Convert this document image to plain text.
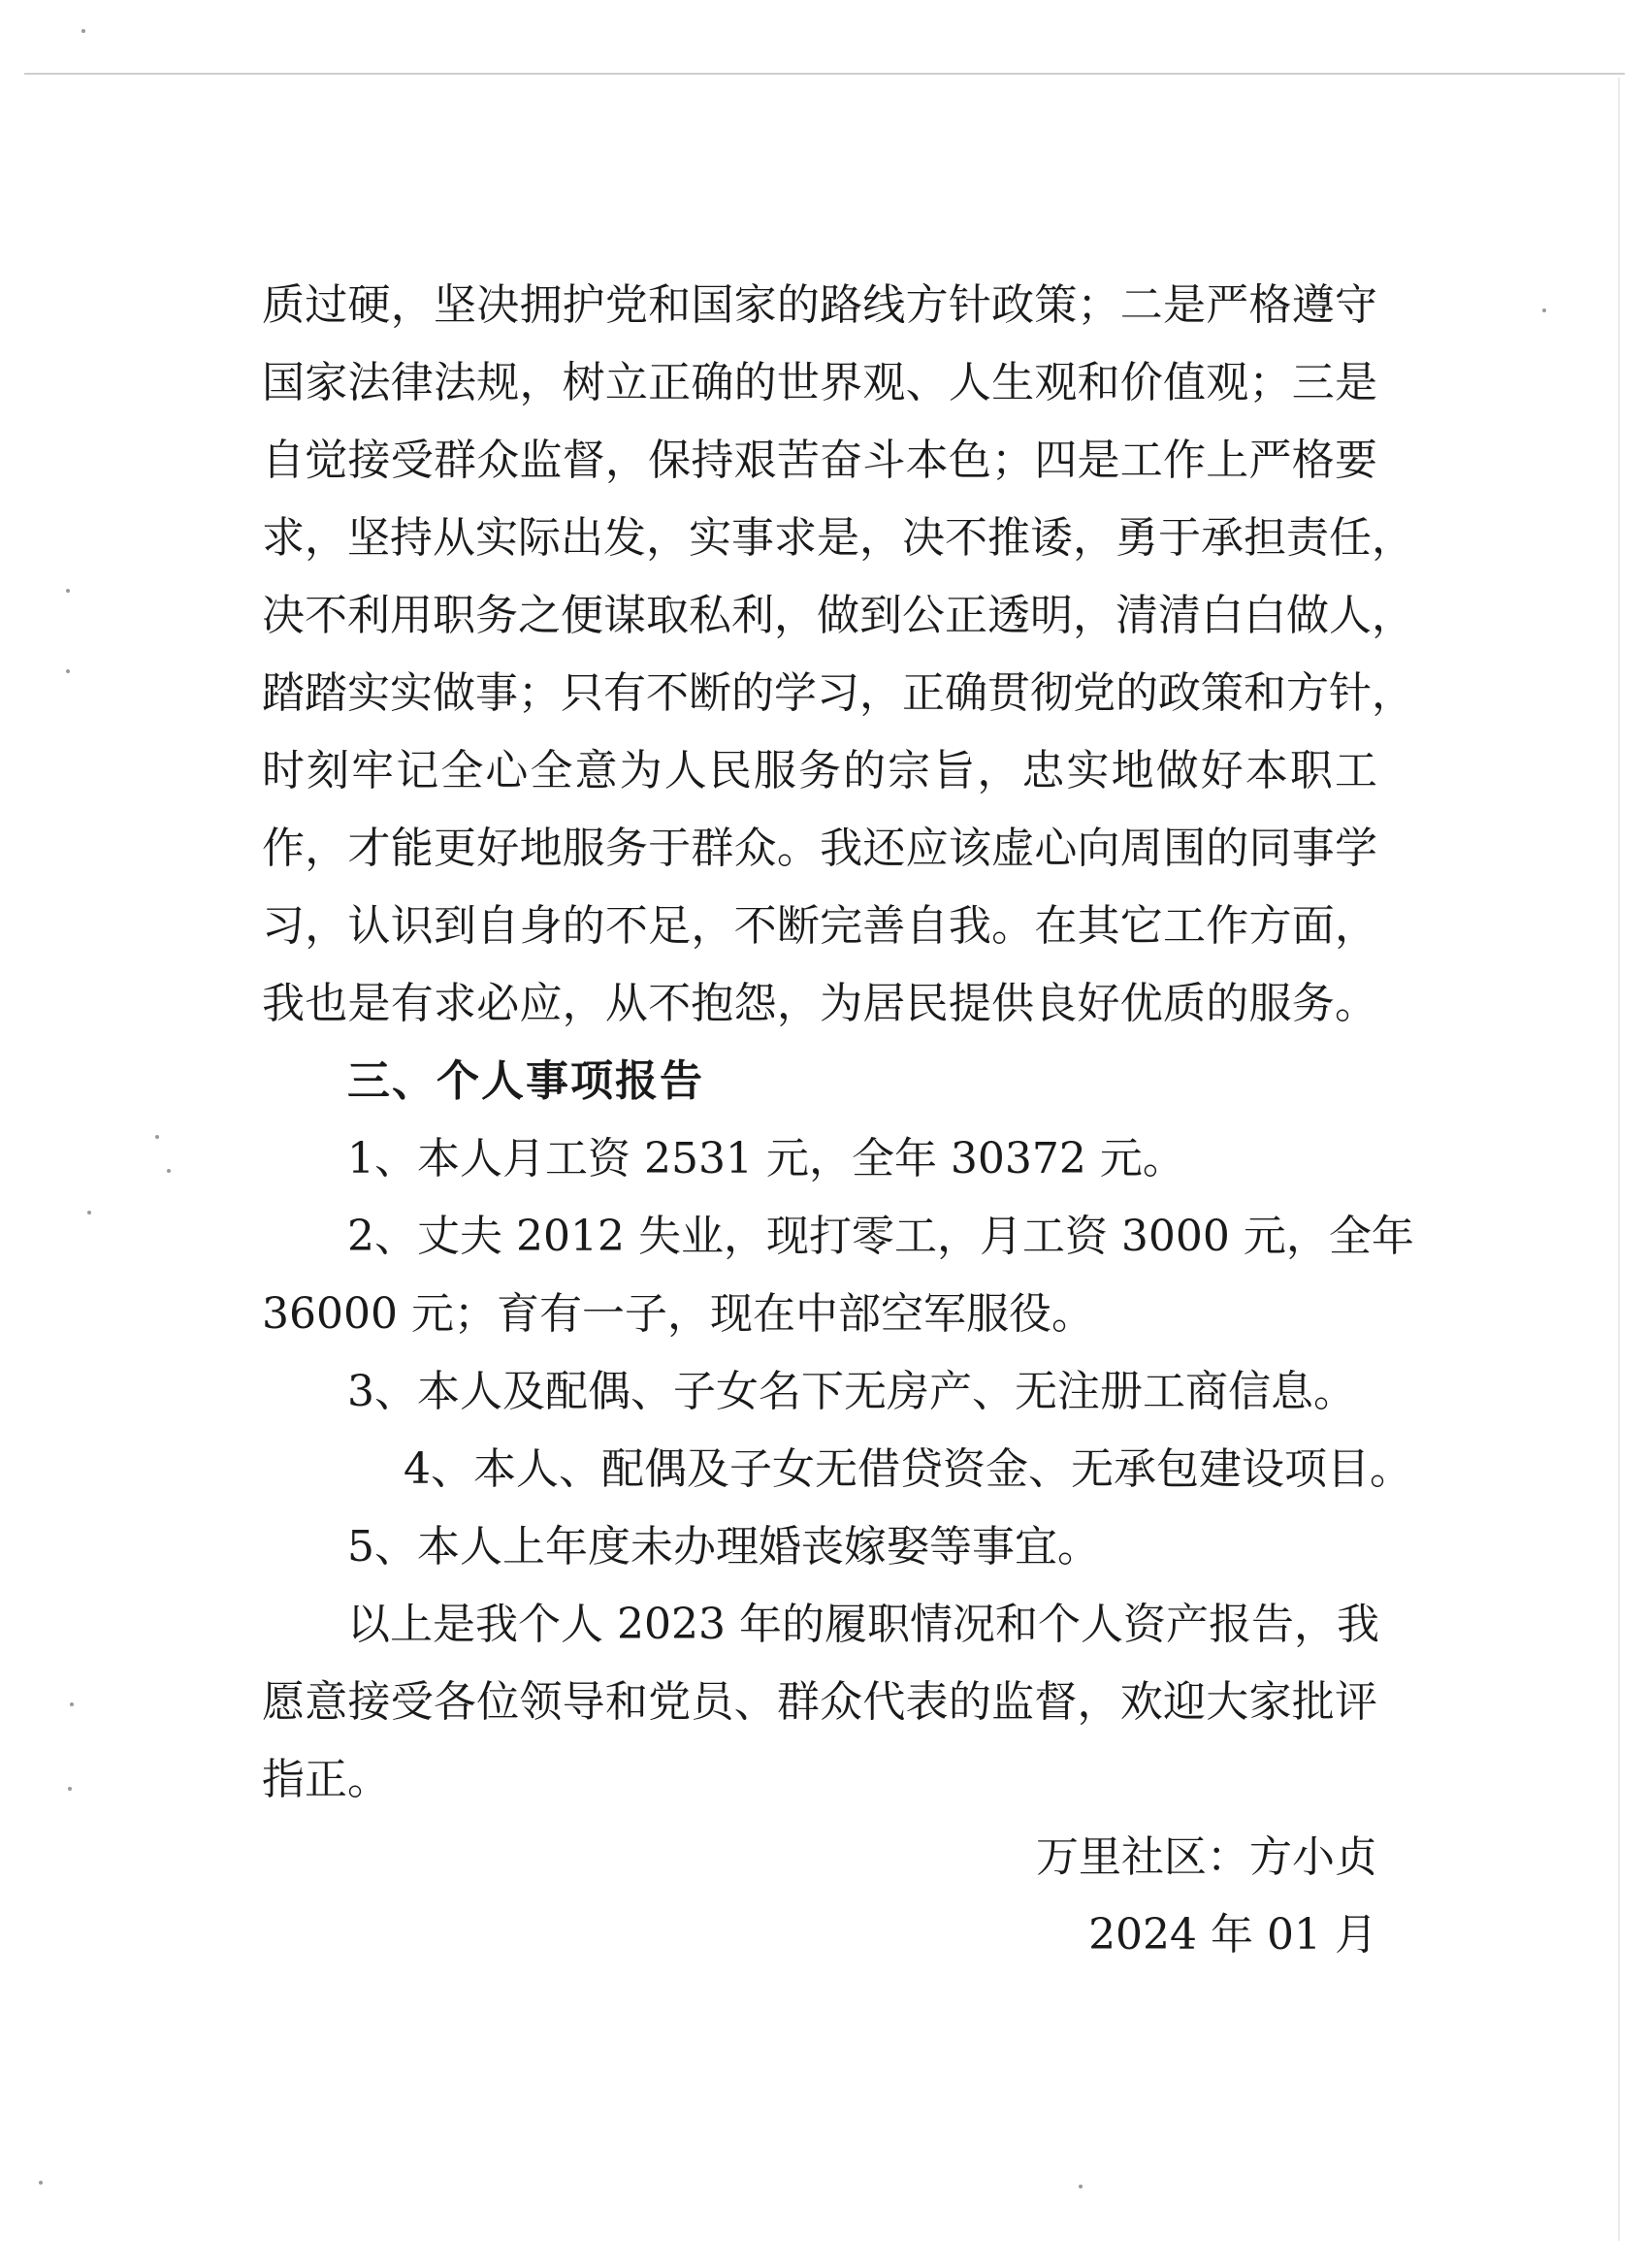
质过硬，坚决拥护党和国家的路线方针政策；二是严格遵守
国家法律法规，树立正确的世界观、人生观和价值观；三是
自觉接受群众监督，保持艰苦奋斗本色；四是工作上严格要
求，坚持从实际出发，实事求是，决不推诿，勇于承担责任，
决不利用职务之便谋取私利，做到公正透明，清清白白做人，
踏踏实实做事；只有不断的学习，正确贯彻党的政策和方针，
时刻牢记全心全意为人民服务的宗旨，忠实地做好本职工
作，才能更好地服务于群众。我还应该虚心向周围的同事学
习，认识到自身的不足，不断完善自我。在其它工作方面，
我也是有求必应，从不抱怨，为居民提供良好优质的服务。
三、个人事项报告
1、本人月工资 2531 元，全年 30372 元。
2、丈夫 2012 失业，现打零工，月工资 3000 元，全年
36000 元；育有一子，现在中部空军服役。
3、本人及配偶、子女名下无房产、无注册工商信息。
4、本人、配偶及子女无借贷资金、无承包建设项目。
5、本人上年度未办理婚丧嫁娶等事宜。
以上是我个人 2023 年的履职情况和个人资产报告，我
愿意接受各位领导和党员、群众代表的监督，欢迎大家批评
指正。
万里社区：方小贞
2024 年 01 月
